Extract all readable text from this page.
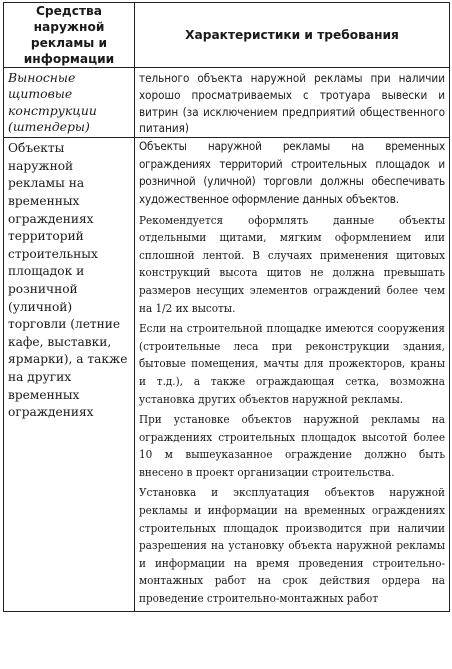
Средства наружной рекламы и информации	Характеристики и требования

Выносные щитовые конструкции (штендеры)	тельного объекта наружной рекламы при наличии хорошо просматриваемых с тротуара вывески и витрин (за исключением предприятий общественного питания)

Объекты наружной рекламы на временных ограждениях территорий строительных площадок и розничной (уличной) торговли (летние кафе, выставки, ярмарки), а также на других временных ограждениях	Объекты наружной рекламы на временных ограждениях территорий строительных площадок и розничной (уличной) торговли должны обеспечивать художественное оформление данных объектов.

Рекомендуется оформлять данные объекты отдельными щитами, мягким оформлением или сплошной лентой. В случаях применения щитовых конструкций высота щитов не должна превышать размеров несущих элементов ограждений более чем на 1/2 их высоты.

Если на строительной площадке имеются сооружения (строительные леса при реконструкции здания, бытовые помещения, мачты для прожекторов, краны и т.д.), а также ограждающая сетка, возможна установка других объектов наружной рекламы.

При установке объектов наружной рекламы на ограждениях строительных площадок высотой более 10 м вышеуказанное ограждение должно быть внесено в проект организации строительства.

Установка и эксплуатация объектов наружной рекламы и информации на временных ограждениях строительных площадок производится при наличии разрешения на установку объекта наружной рекламы и информации на время проведения строительно-монтажных работ на срок действия ордера на проведение строительно-монтажных работ
